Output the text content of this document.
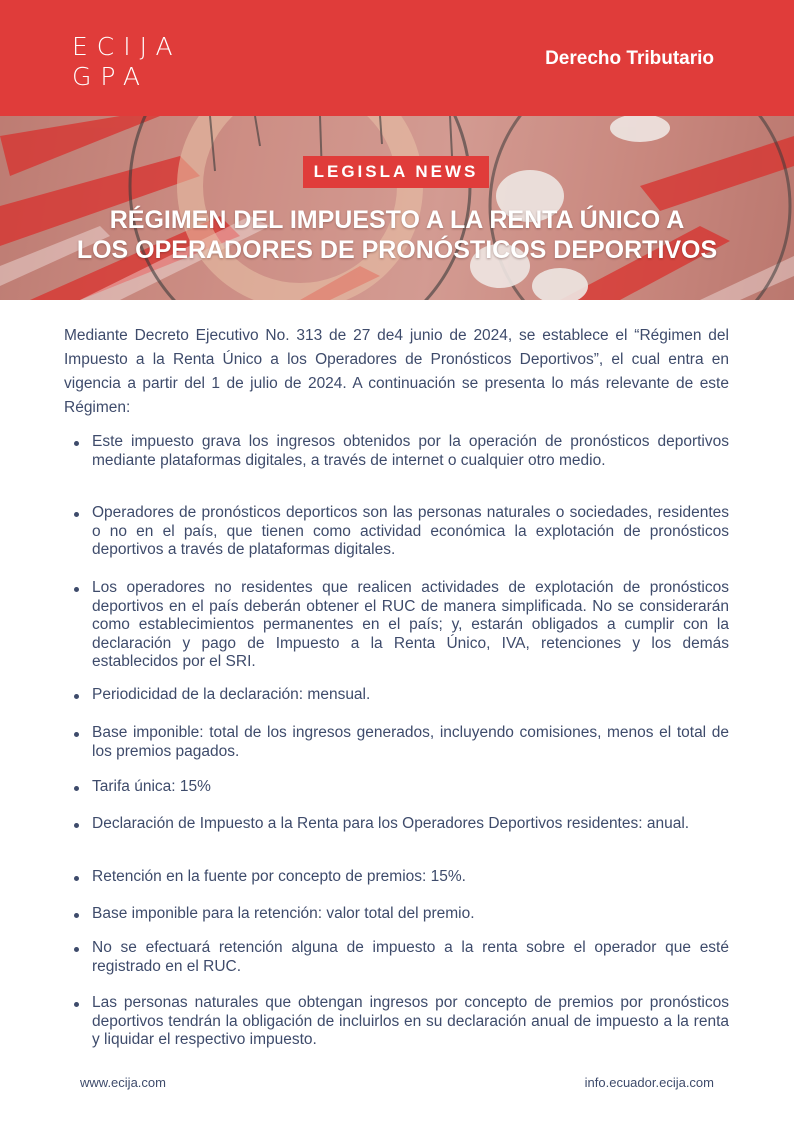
ECIJA
GPA
Derecho Tributario
LEGISLA NEWS
RÉGIMEN DEL IMPUESTO A LA RENTA ÚNICO A
LOS OPERADORES DE PRONÓSTICOS DEPORTIVOS

Mediante Decreto Ejecutivo No. 313 de 27 de4 junio de 2024, se establece el “Régimen del Impuesto a la Renta Único a los Operadores de Pronósticos Deportivos”, el cual entra en vigencia a partir del 1 de julio de 2024. A continuación se presenta lo más relevante de este Régimen:

Este impuesto grava los ingresos obtenidos por la operación de pronósticos deportivos mediante plataformas digitales, a través de internet o cualquier otro medio.
Operadores de pronósticos deporticos son las personas naturales o sociedades, residentes o no en el país, que tienen como actividad económica la explotación de pronósticos deportivos a través de plataformas digitales.
Los operadores no residentes que realicen actividades de explotación de pronósticos deportivos en el país deberán obtener el RUC de manera simplificada. No se considerarán como establecimientos permanentes en el país; y, estarán obligados a cumplir con la declaración y pago de Impuesto a la Renta Único, IVA, retenciones y los demás establecidos por el SRI.
Periodicidad de la declaración: mensual.
Base imponible: total de los ingresos generados, incluyendo comisiones, menos el total de los premios pagados.
Tarifa única: 15%
Declaración de Impuesto a la Renta para los Operadores Deportivos residentes: anual.
Retención en la fuente por concepto de premios: 15%.
Base imponible para la retención: valor total del premio.
No se efectuará retención alguna de impuesto a la renta sobre el operador que esté registrado en el RUC.
Las personas naturales que obtengan ingresos por concepto de premios por pronósticos deportivos tendrán la obligación de incluirlos en su declaración anual de impuesto a la renta y liquidar el respectivo impuesto.
www.ecija.com	info.ecuador.ecija.com
